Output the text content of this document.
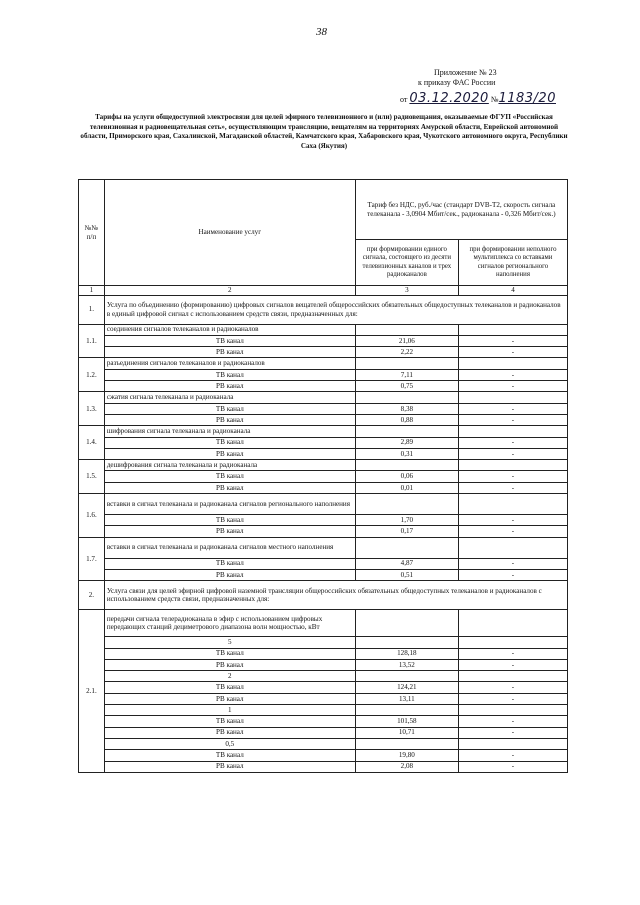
38
Приложение № 23
к приказу ФАС России
от 03.12.2020 №1183/20
Тарифы на услуги общедоступной электросвязи для целей эфирного телевизионного и (или) радиовещания, оказываемые ФГУП «Российская телевизионная и радиовещательная сеть», осуществляющим трансляцию, вещателям на территориях Амурской области, Еврейской автономной области, Приморского края, Сахалинской, Магаданской областей, Камчатского края, Хабаровского края, Чукотского автономного округа, Республики Саха (Якутия)
№№ п/п	Наименование услуг	Тариф без НДС, руб./час (стандарт DVB-T2, скорость сигнала телеканала - 3,0904 Мбит/сек., радиоканала - 0,326 Мбит/сек.)	
		при формировании единого сигнала, состоящего из десяти телевизионных каналов и трех радиоканалов	при формировании неполного мультиплекса со вставками сигналов регионального наполнения
1	2	3	4
1.	Услуга по объединению (формированию) цифровых сигналов вещателей общероссийских обязательных общедоступных телеканалов и радиоканалов в единый цифровой сигнал с использованием средств связи, предназначенных для:		
1.1.	соединения сигналов телеканалов и радиоканалов		
	ТВ канал	21,06	-
	РВ канал	2,22	-
1.2.	разъединения сигналов телеканалов и радиоканалов		
	ТВ канал	7,11	-
	РВ канал	0,75	-
1.3.	сжатия сигнала телеканала и радиоканала		
	ТВ канал	8,38	-
	РВ канал	0,88	-
1.4.	шифрования сигнала телеканала и радиоканала		
	ТВ канал	2,89	-
	РВ канал	0,31	-
1.5.	дешифрования сигнала телеканала и радиоканала		
	ТВ канал	0,06	-
	РВ канал	0,01	-
1.6.	вставки в сигнал телеканала и радиоканала сигналов регионального наполнения		
	ТВ канал	1,70	-
	РВ канал	0,17	-
1.7.	вставки в сигнал телеканала и радиоканала сигналов местного наполнения		
	ТВ канал	4,87	-
	РВ канал	0,51	-
2.	Услуга связи для целей эфирной цифровой наземной трансляции общероссийских обязательных общедоступных телеканалов и радиоканалов с использованием средств связи, предназначенных для:		
2.1.	передачи сигнала телерадиоканала в эфир с использованием цифровых передающих станций дециметрового диапазона волн мощностью, кВт		
	5		
	ТВ канал	128,18	-
	РВ канал	13,52	-
	2		
	ТВ канал	124,21	-
	РВ канал	13,11	-
	1		
	ТВ канал	101,58	-
	РВ канал	10,71	-
	0,5		
	ТВ канал	19,80	-
	РВ канал	2,08	-
